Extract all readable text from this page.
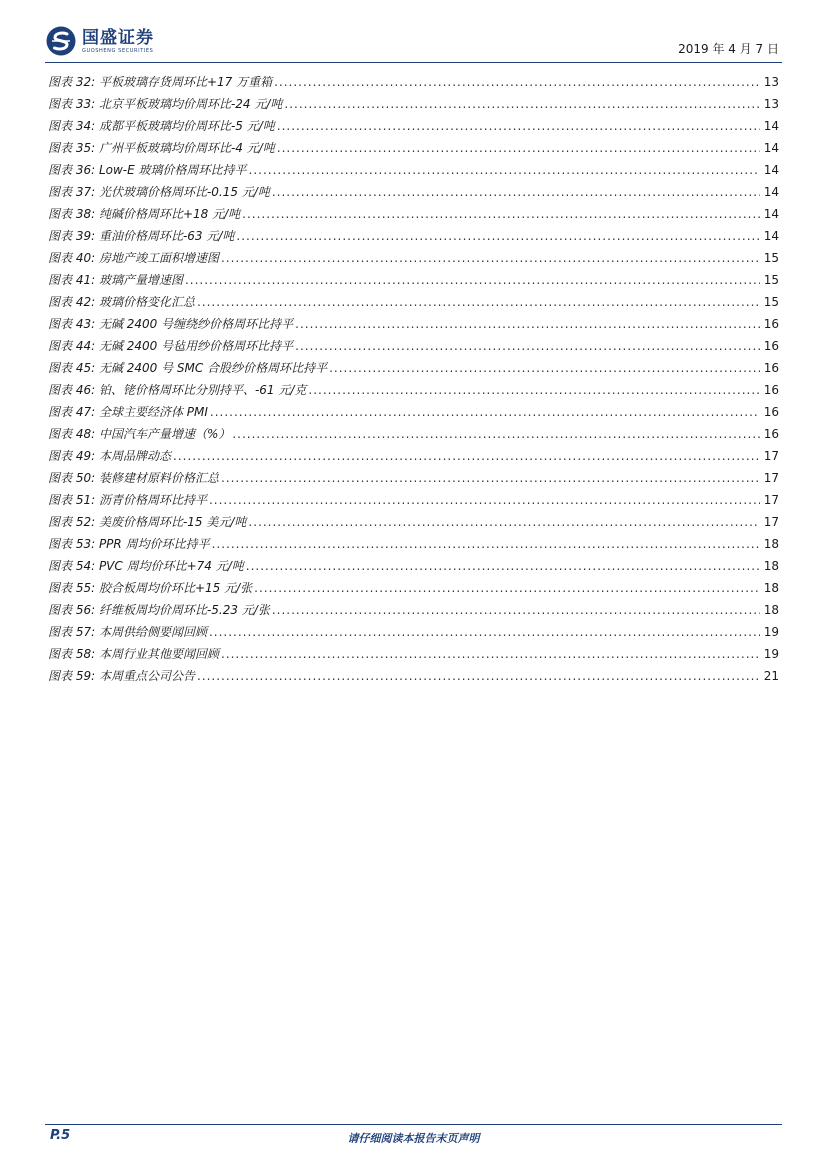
国盛证券
GUOSHENG SECURITIES	2019 年 4 月 7 日
图表 32: 平板玻璃存货周环比+17 万重箱 .....	13
图表 33: 北京平板玻璃均价周环比-24 元/吨 .....	13
图表 34: 成都平板玻璃均价周环比-5 元/吨 .....	14
图表 35: 广州平板玻璃均价周环比-4 元/吨 .....	14
图表 36: Low-E 玻璃价格周环比持平 .....	14
图表 37: 光伏玻璃价格周环比-0.15 元/吨 .....	14
图表 38: 纯碱价格周环比+18 元/吨 .....	14
图表 39: 重油价格周环比-63 元/吨 .....	14
图表 40: 房地产竣工面积增速图 .....	15
图表 41: 玻璃产量增速图 .....	15
图表 42: 玻璃价格变化汇总 .....	15
图表 43: 无碱 2400 号缠绕纱价格周环比持平 .....	16
图表 44: 无碱 2400 号毡用纱价格周环比持平 .....	16
图表 45: 无碱 2400 号 SMC 合股纱价格周环比持平 .....	16
图表 46: 铂、铑价格周环比分别持平、-61 元/克 .....	16
图表 47: 全球主要经济体 PMI .....	16
图表 48: 中国汽车产量增速（%） .....	16
图表 49: 本周品牌动态 .....	17
图表 50: 装修建材原料价格汇总 .....	17
图表 51: 沥青价格周环比持平 .....	17
图表 52: 美废价格周环比-15 美元/吨 .....	17
图表 53: PPR 周均价环比持平 .....	18
图表 54: PVC 周均价环比+74 元/吨 .....	18
图表 55: 胶合板周均价环比+15 元/张 .....	18
图表 56: 纤维板周均价周环比-5.23 元/张 .....	18
图表 57: 本周供给侧要闻回顾 .....	19
图表 58: 本周行业其他要闻回顾 .....	19
图表 59: 本周重点公司公告 .....	21
P.5	请仔细阅读本报告末页声明
